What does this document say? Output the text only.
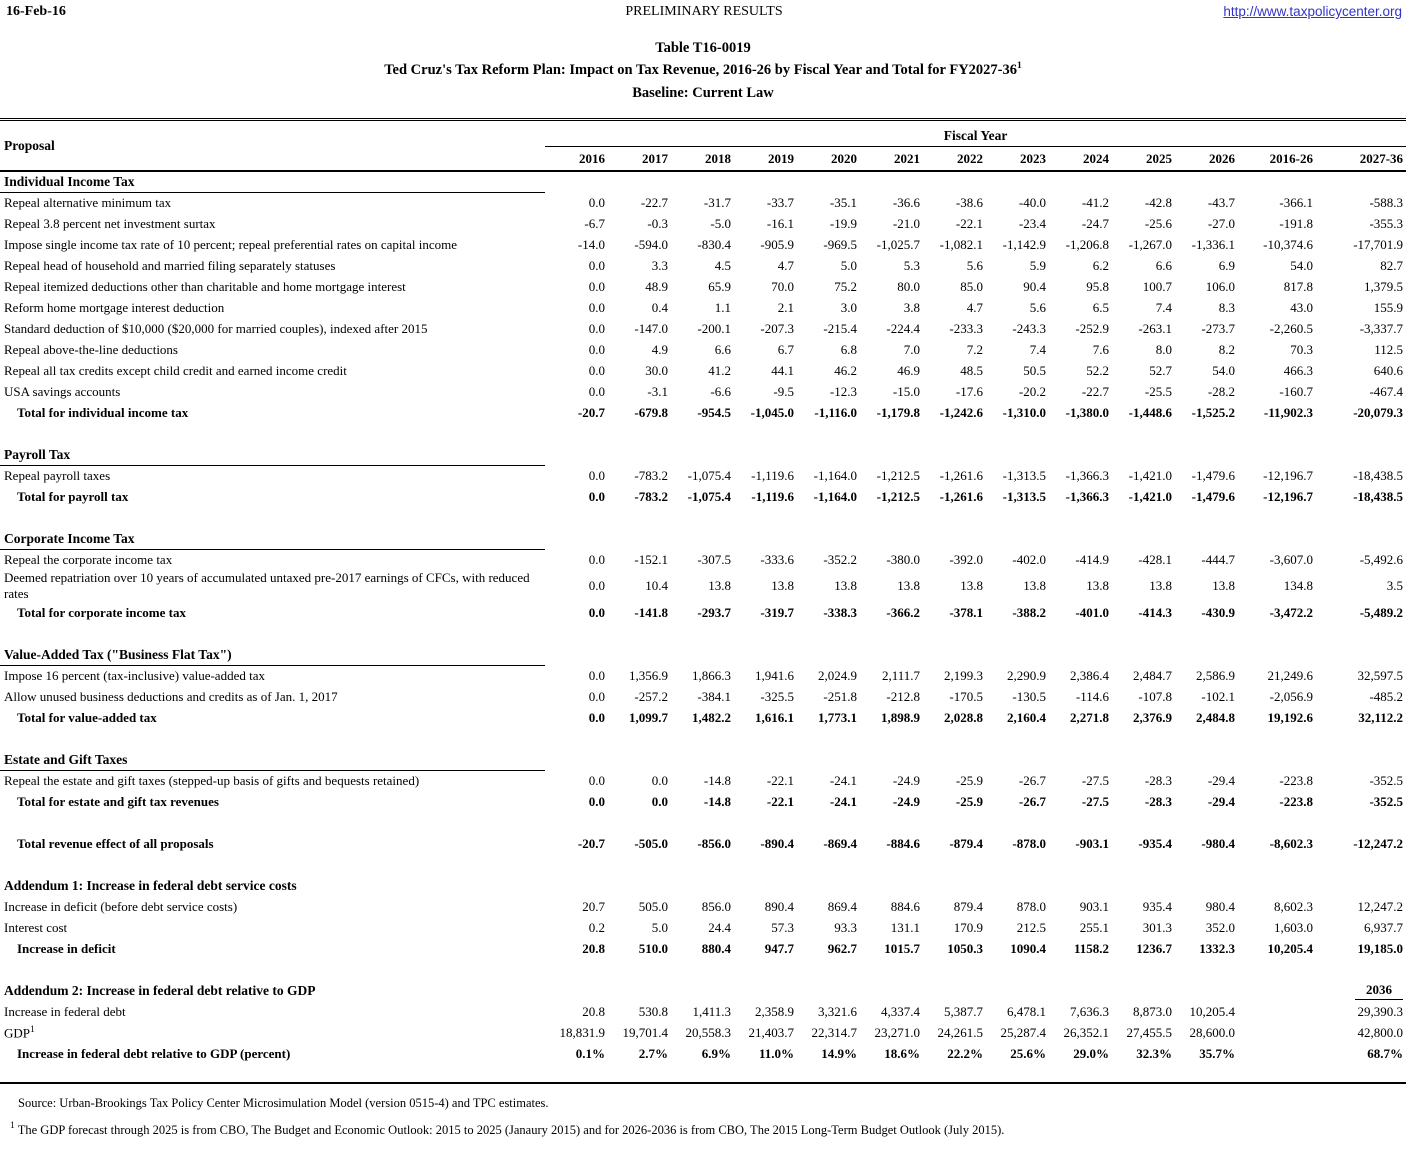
16-Feb-16	PRELIMINARY RESULTS	http://www.taxpolicycenter.org
Table T16-0019
Ted Cruz's Tax Reform Plan: Impact on Tax Revenue, 2016-26 by Fiscal Year and Total for $FY2027-36^1$
Baseline: Current Law
Proposal	Fiscal Year												
	2016	2017	2018	2019	2020	2021	2022	2023	2024	2025	2026	2016-26	2027-36
Individual Income Tax													
Repeal alternative minimum tax	0.0	-22.7	-31.7	-33.7	-35.1	-36.6	-38.6	-40.0	-41.2	-42.8	-43.7	-366.1	-588.3
Repeal 3.8 percent net investment surtax	-6.7	-0.3	-5.0	-16.1	-19.9	-21.0	-22.1	-23.4	-24.7	-25.6	-27.0	-191.8	-355.3
Impose single income tax rate of 10 percent; repeal preferential rates on capital income	-14.0	-594.0	-830.4	-905.9	-969.5	-1,025.7	-1,082.1	-1,142.9	-1,206.8	-1,267.0	-1,336.1	-10,374.6	-17,701.9
Repeal head of household and married filing separately statuses	0.0	3.3	4.5	4.7	5.0	5.3	5.6	5.9	6.2	6.6	6.9	54.0	82.7
Repeal itemized deductions other than charitable and home mortgage interest	0.0	48.9	65.9	70.0	75.2	80.0	85.0	90.4	95.8	100.7	106.0	817.8	1,379.5
Reform home mortgage interest deduction	0.0	0.4	1.1	2.1	3.0	3.8	4.7	5.6	6.5	7.4	8.3	43.0	155.9
Standard deduction of $10,000 ($20,000 for married couples), indexed after 2015	0.0	-147.0	-200.1	-207.3	-215.4	-224.4	-233.3	-243.3	-252.9	-263.1	-273.7	-2,260.5	-3,337.7
Repeal above-the-line deductions	0.0	4.9	6.6	6.7	6.8	7.0	7.2	7.4	7.6	8.0	8.2	70.3	112.5
Repeal all tax credits except child credit and earned income credit	0.0	30.0	41.2	44.1	46.2	46.9	48.5	50.5	52.2	52.7	54.0	466.3	640.6
USA savings accounts	0.0	-3.1	-6.6	-9.5	-12.3	-15.0	-17.6	-20.2	-22.7	-25.5	-28.2	-160.7	-467.4
Total for individual income tax	-20.7	-679.8	-954.5	-1,045.0	-1,116.0	-1,179.8	-1,242.6	-1,310.0	-1,380.0	-1,448.6	-1,525.2	-11,902.3	-20,079.3

Payroll Tax													
Repeal payroll taxes	0.0	-783.2	-1,075.4	-1,119.6	-1,164.0	-1,212.5	-1,261.6	-1,313.5	-1,366.3	-1,421.0	-1,479.6	-12,196.7	-18,438.5
Total for payroll tax	0.0	-783.2	-1,075.4	-1,119.6	-1,164.0	-1,212.5	-1,261.6	-1,313.5	-1,366.3	-1,421.0	-1,479.6	-12,196.7	-18,438.5

Corporate Income Tax													
Repeal the corporate income tax	0.0	-152.1	-307.5	-333.6	-352.2	-380.0	-392.0	-402.0	-414.9	-428.1	-444.7	-3,607.0	-5,492.6
Deemed repatriation over 10 years of accumulated untaxed pre-2017 earnings of CFCs, with reduced rates	0.0	10.4	13.8	13.8	13.8	13.8	13.8	13.8	13.8	13.8	13.8	134.8	3.5
Total for corporate income tax	0.0	-141.8	-293.7	-319.7	-338.3	-366.2	-378.1	-388.2	-401.0	-414.3	-430.9	-3,472.2	-5,489.2

Value-Added Tax ("Business Flat Tax")													
Impose 16 percent (tax-inclusive) value-added tax	0.0	1,356.9	1,866.3	1,941.6	2,024.9	2,111.7	2,199.3	2,290.9	2,386.4	2,484.7	2,586.9	21,249.6	32,597.5
Allow unused business deductions and credits as of Jan. 1, 2017	0.0	-257.2	-384.1	-325.5	-251.8	-212.8	-170.5	-130.5	-114.6	-107.8	-102.1	-2,056.9	-485.2
Total for value-added tax	0.0	1,099.7	1,482.2	1,616.1	1,773.1	1,898.9	2,028.8	2,160.4	2,271.8	2,376.9	2,484.8	19,192.6	32,112.2

Estate and Gift Taxes													
Repeal the estate and gift taxes (stepped-up basis of gifts and bequests retained)	0.0	0.0	-14.8	-22.1	-24.1	-24.9	-25.9	-26.7	-27.5	-28.3	-29.4	-223.8	-352.5
Total for estate and gift tax revenues	0.0	0.0	-14.8	-22.1	-24.1	-24.9	-25.9	-26.7	-27.5	-28.3	-29.4	-223.8	-352.5

Total revenue effect of all proposals	-20.7	-505.0	-856.0	-890.4	-869.4	-884.6	-879.4	-878.0	-903.1	-935.4	-980.4	-8,602.3	-12,247.2

Addendum 1: Increase in federal debt service costs													
Increase in deficit (before debt service costs)	20.7	505.0	856.0	890.4	869.4	884.6	879.4	878.0	903.1	935.4	980.4	8,602.3	12,247.2
Interest cost	0.2	5.0	24.4	57.3	93.3	131.1	170.9	212.5	255.1	301.3	352.0	1,603.0	6,937.7
Increase in deficit	20.8	510.0	880.4	947.7	962.7	1015.7	1050.3	1090.4	1158.2	1236.7	1332.3	10,205.4	19,185.0

Addendum 2: Increase in federal debt relative to GDP													2036
Increase in federal debt	20.8	530.8	1,411.3	2,358.9	3,321.6	4,337.4	5,387.7	6,478.1	7,636.3	8,873.0	10,205.4		29,390.3
GDP$^1$	18,831.9	19,701.4	20,558.3	21,403.7	22,314.7	23,271.0	24,261.5	25,287.4	26,352.1	27,455.5	28,600.0		42,800.0
Increase in federal debt relative to GDP (percent)	0.1%	2.7%	6.9%	11.0%	14.9%	18.6%	22.2%	25.6%	29.0%	32.3%	35.7%		68.7%
Source: Urban-Brookings Tax Policy Center Microsimulation Model (version 0515-4) and TPC estimates.
$^1$ The GDP forecast through 2025 is from CBO, The Budget and Economic Outlook: 2015 to 2025 (Janaury 2015) and for 2026-2036 is from CBO, The 2015 Long-Term Budget Outlook (July 2015).
